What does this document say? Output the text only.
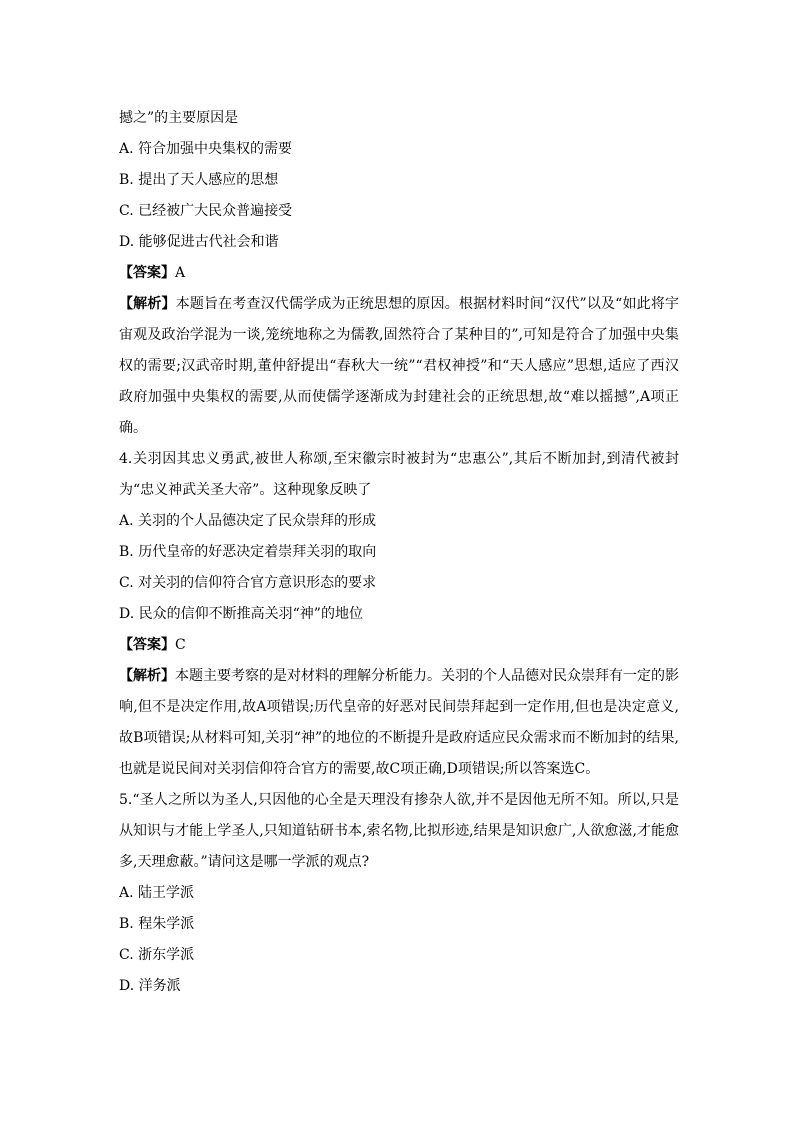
撼之”的主要原因是
A. 符合加强中央集权的需要
B. 提出了天人感应的思想
C. 已经被广大民众普遍接受
D. 能够促进古代社会和谐
【答案】A
【解析】本题旨在考查汉代儒学成为正统思想的原因。根据材料时间“汉代”以及“如此将宇宙观及政治学混为一谈,笼统地称之为儒教,固然符合了某种目的”,可知是符合了加强中央集权的需要;汉武帝时期,董仲舒提出“春秋大一统”“君权神授”和“天人感应”思想,适应了西汉政府加强中央集权的需要,从而使儒学逐渐成为封建社会的正统思想,故“难以摇撼”,A项正确。
4.关羽因其忠义勇武,被世人称颂,至宋徽宗时被封为“忠惠公”,其后不断加封,到清代被封为“忠义神武关圣大帝”。这种现象反映了
A. 关羽的个人品德决定了民众崇拜的形成
B. 历代皇帝的好恶决定着崇拜关羽的取向
C. 对关羽的信仰符合官方意识形态的要求
D. 民众的信仰不断推高关羽“神”的地位
【答案】C
【解析】本题主要考察的是对材料的理解分析能力。关羽的个人品德对民众崇拜有一定的影响,但不是决定作用,故A项错误;历代皇帝的好恶对民间崇拜起到一定作用,但也是决定意义,故B项错误;从材料可知,关羽“神”的地位的不断提升是政府适应民众需求而不断加封的结果,也就是说民间对关羽信仰符合官方的需要,故C项正确,D项错误;所以答案选C。
5.“圣人之所以为圣人,只因他的心全是天理没有掺杂人欲,并不是因他无所不知。所以,只是从知识与才能上学圣人,只知道钻研书本,索名物,比拟形迹,结果是知识愈广,人欲愈滋,才能愈多,天理愈蔽。”请问这是哪一学派的观点?
A. 陆王学派
B. 程朱学派
C. 浙东学派
D. 洋务派
